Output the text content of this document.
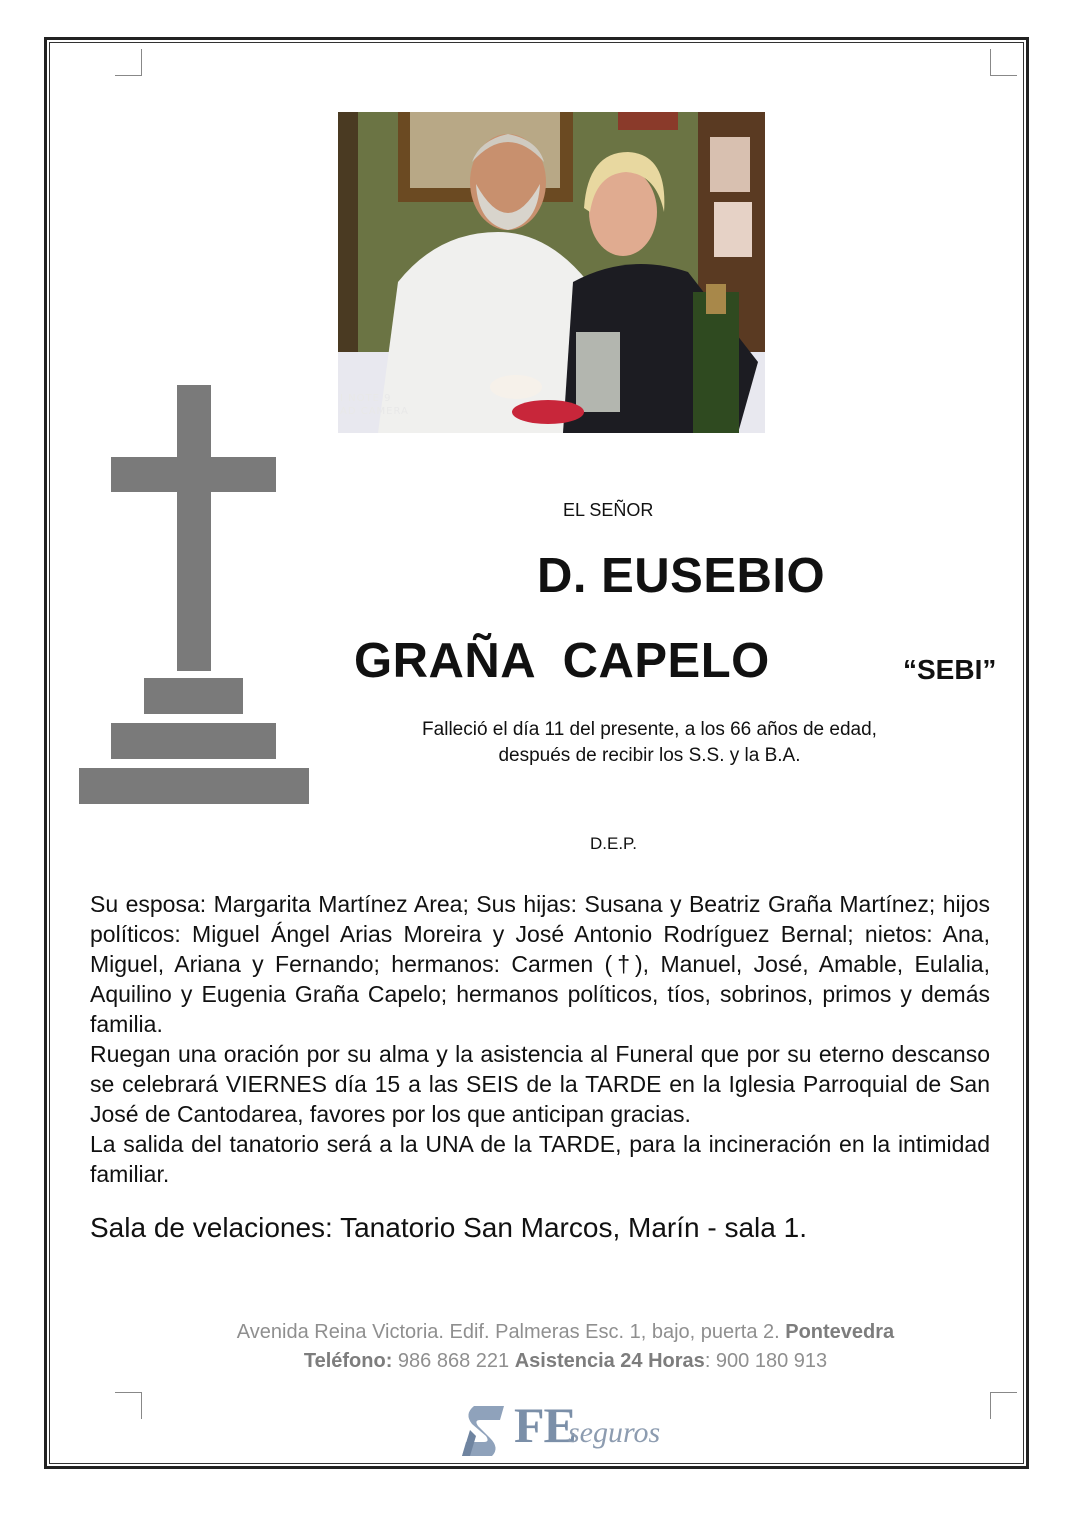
I NOTE 9
AD CAMERA

EL SEÑOR

D. EUSEBIO

GRAÑA  CAPELO	“SEBI”

Falleció el día 11 del presente, a los 66 años de edad,

después de recibir los S.S. y la B.A.

D.E.P.

Su esposa: Margarita Martínez Area; Sus hijas: Susana y Beatriz Graña Martínez; hijos políticos: Miguel Ángel Arias Moreira y José Antonio Rodríguez Bernal; nietos: Ana, Miguel, Ariana y Fernando; hermanos: Carmen (†), Manuel, José, Amable, Eulalia, Aquilino y Eugenia Graña Capelo; hermanos políticos, tíos, sobrinos, primos y demás familia.

Ruegan una oración por su alma y la asistencia al Funeral que por su eterno descanso se celebrará VIERNES día 15 a las SEIS de la TARDE en la Iglesia Parroquial de San José de Cantodarea, favores por los que anticipan gracias.

La salida del tanatorio será a la UNA de la TARDE, para la incineración en la intimidad familiar.

Sala de velaciones: Tanatorio San Marcos, Marín - sala 1.

Avenida Reina Victoria. Edif. Palmeras Esc. 1, bajo, puerta 2. Pontevedra

Teléfono: 986 868 221 Asistencia 24 Horas: 900 180 913

FE
seguros
